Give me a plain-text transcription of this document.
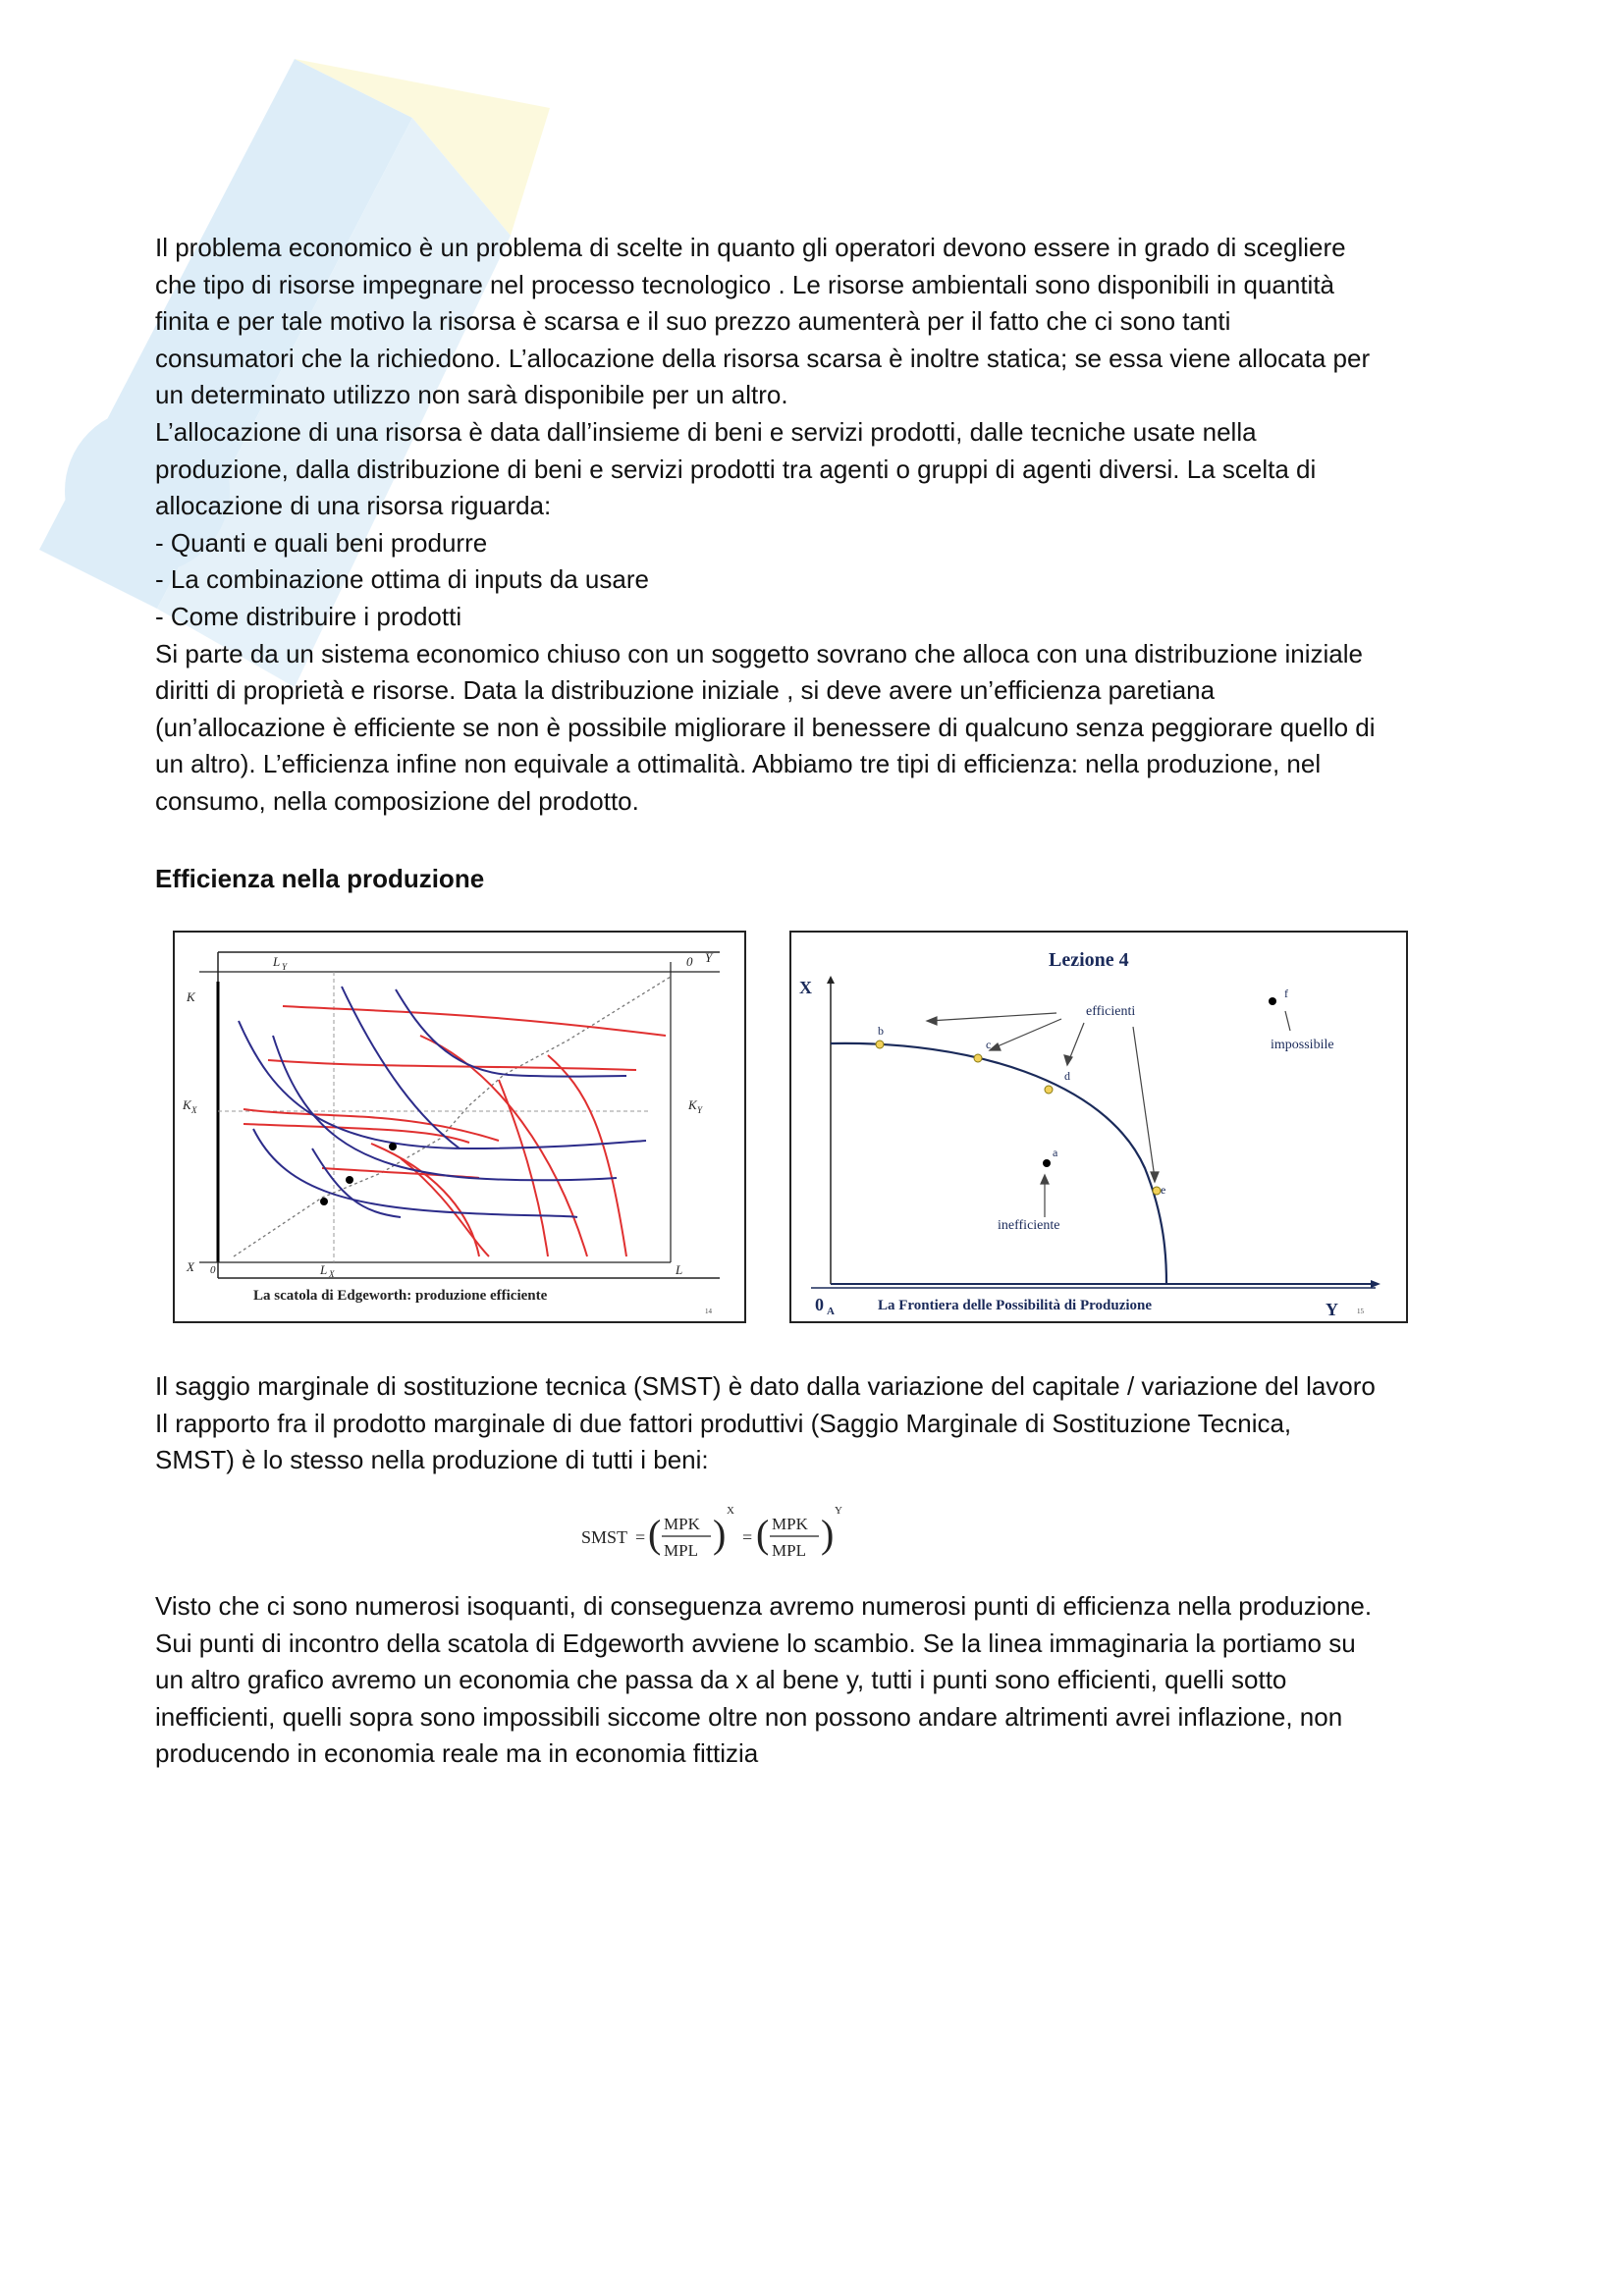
Il problema economico è un problema di scelte in quanto gli operatori devono essere in grado di scegliere

che tipo di risorse impegnare nel processo tecnologico . Le risorse ambientali sono disponibili in quantità

finita e per tale motivo la risorsa è scarsa e il suo prezzo aumenterà per il fatto che ci sono tanti

consumatori che la richiedono. L’allocazione della risorsa scarsa è inoltre statica; se essa viene allocata per

un determinato utilizzo non sarà disponibile per un altro.

L’allocazione di una risorsa è data dall’insieme di beni e servizi prodotti, dalle tecniche usate nella

produzione, dalla distribuzione di beni e servizi prodotti tra agenti o gruppi di agenti diversi. La scelta di

allocazione di una risorsa riguarda:

- Quanti e quali beni produrre

- La combinazione ottima di inputs da usare

- Come distribuire i prodotti

Si parte da un sistema economico chiuso con un soggetto sovrano che alloca con una distribuzione iniziale

diritti di proprietà e risorse. Data la distribuzione iniziale , si deve avere un’efficienza paretiana

(un’allocazione è efficiente se non è possibile migliorare il benessere di qualcuno senza peggiorare quello di

un altro). L’efficienza infine non equivale a ottimalità. Abbiamo tre tipi di efficienza: nella produzione, nel

consumo, nella composizione del prodotto.

Efficienza nella produzione
L Y	0 Y
K
K X	K Y
X 0	L X	L
La scatola di Edgeworth: produzione efficiente
14
Lezione 4
X
Y
0 A
efficienti
impossibile
inefficiente
a
b
c
d
e
f
La Frontiera delle Possibilità di Produzione	15

Il saggio marginale di sostituzione tecnica (SMST) è dato dalla variazione del capitale / variazione del lavoro

Il rapporto fra il prodotto marginale di due fattori produttivi (Saggio Marginale di Sostituzione Tecnica,

SMST) è lo stesso nella produzione di tutti i beni:

SMST = ( MPK
MPL )
X
= ( MPK
MPL )
Y

Visto che ci sono numerosi isoquanti, di conseguenza avremo numerosi punti di efficienza nella produzione.

Sui punti di incontro della scatola di Edgeworth avviene lo scambio. Se la linea immaginaria la portiamo su

un altro grafico avremo un economia che passa da x al bene y, tutti i punti sono efficienti, quelli sotto

inefficienti, quelli sopra sono impossibili siccome oltre non possono andare altrimenti avrei inflazione, non

producendo in economia reale ma in economia fittizia
